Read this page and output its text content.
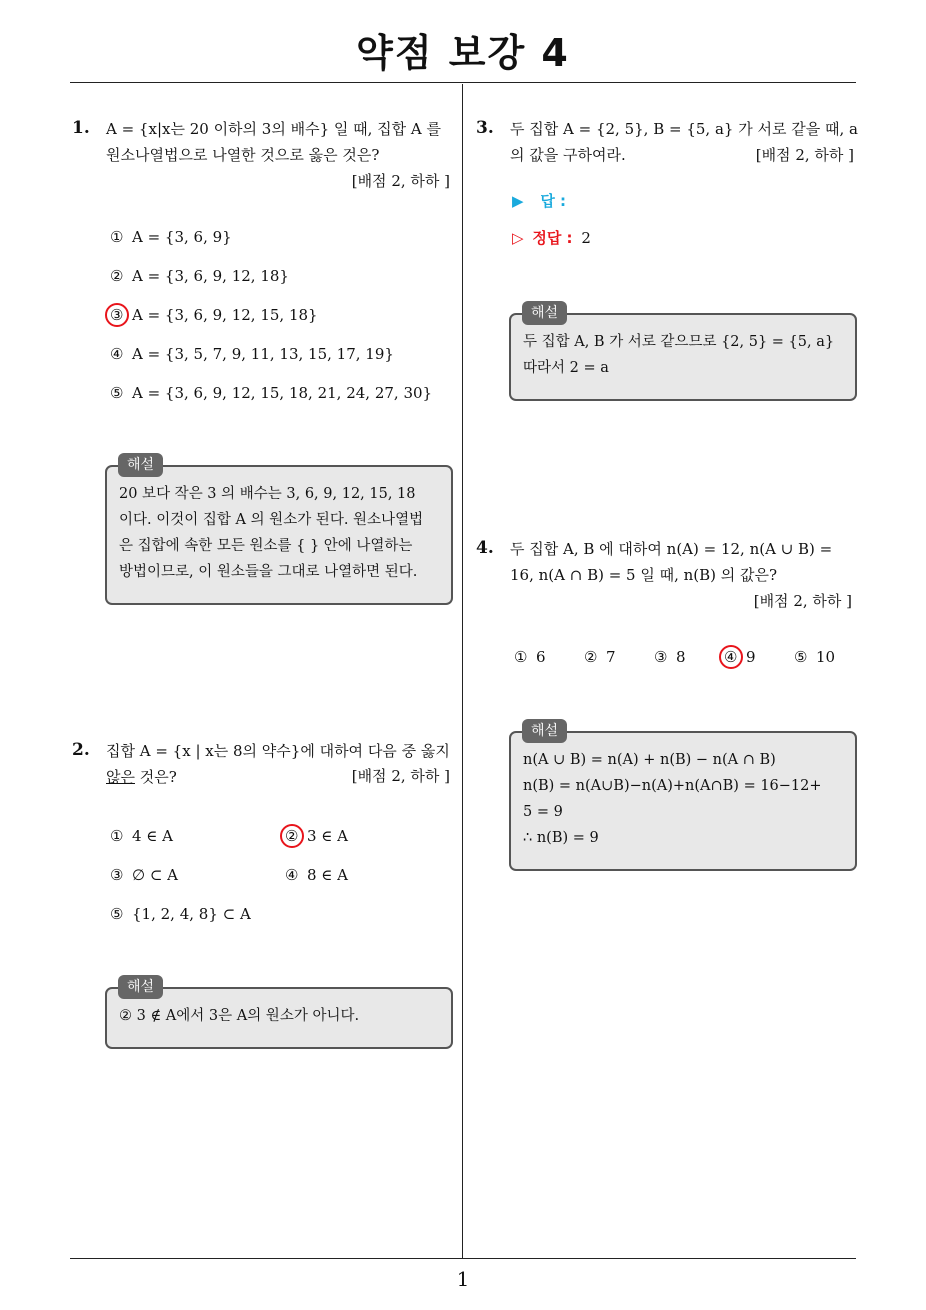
약점 보강 4
1. A = {x|x는 20 이하의 3의 배수} 일 때, 집합 A 를
원소나열법으로 나열한 것으로 옳은 것은?
[배점 2, 하하 ]
① A = {3, 6, 9}
② A = {3, 6, 9, 12, 18}
③ A = {3, 6, 9, 12, 15, 18}
④ A = {3, 5, 7, 9, 11, 13, 15, 17, 19}
⑤ A = {3, 6, 9, 12, 15, 18, 21, 24, 27, 30}
20 보다 작은 3 의 배수는 3, 6, 9, 12, 15, 18
이다. 이것이 집합 A 의 원소가 된다. 원소나열법
은 집합에 속한 모든 원소를 { } 안에 나열하는
방법이므로, 이 원소들을 그대로 나열하면 된다.
해설
2. 집합 A = {x | x는 8의 약수}에 대하여 다음 중 옳지
않은 것은?	[배점 2, 하하 ]
① 4 ∈ A	② 3 ∈ A
③ ∅ ⊂ A	④ 8 ∈ A
⑤ {1, 2, 4, 8} ⊂ A
② 3 ∉ A에서 3은 A의 원소가 아니다.
해설
3. 두 집합 A = {2, 5}, B = {5, a} 가 서로 같을 때, a
의 값을 구하여라.	[배점 2, 하하 ]
▶ 답 :
▷ 정답 : 2
두 집합 A, B 가 서로 같으므로 {2, 5} = {5, a}
따라서 2 = a
해설
4. 두 집합 A, B 에 대하여 n(A) = 12, n(A ∪ B) =
16, n(A ∩ B) = 5 일 때, n(B) 의 값은?
[배점 2, 하하 ]
① 6	② 7	③ 8	④ 9	⑤ 10
n(A ∪ B) = n(A) + n(B) − n(A ∩ B)
n(B) = n(A∪B)−n(A)+n(A∩B) = 16−12+
5 = 9
∴ n(B) = 9
해설
1
